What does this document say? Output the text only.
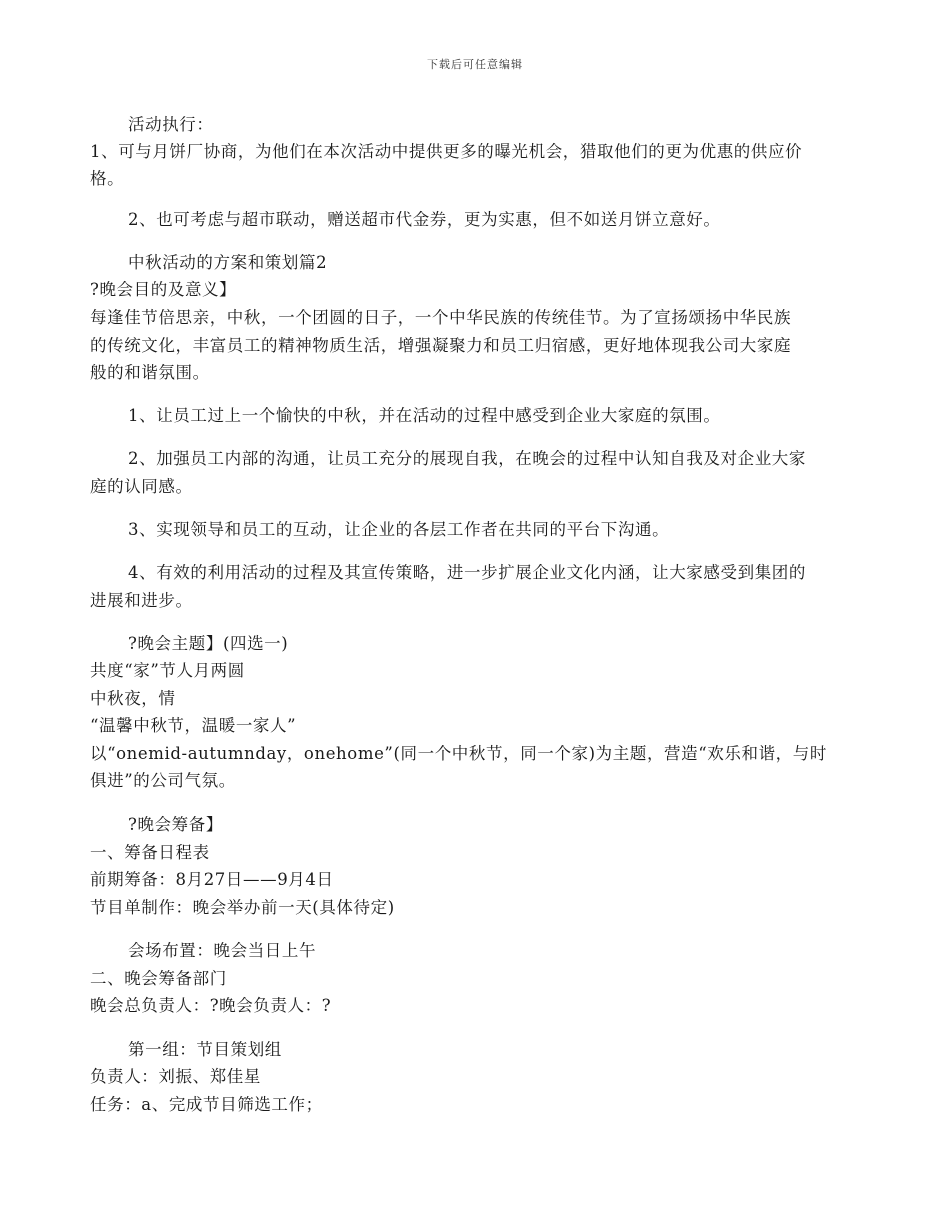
下载后可任意编辑
活动执行：
1、可与月饼厂协商，为他们在本次活动中提供更多的曝光机会，猎取他们的更为优惠的供应价
格。
2、也可考虑与超市联动，赠送超市代金券，更为实惠，但不如送月饼立意好。
中秋活动的方案和策划篇2
?晚会目的及意义】
每逢佳节倍思亲，中秋，一个团圆的日子，一个中华民族的传统佳节。为了宣扬颂扬中华民族
的传统文化，丰富员工的精神物质生活，增强凝聚力和员工归宿感，更好地体现我公司大家庭
般的和谐氛围。
1、让员工过上一个愉快的中秋，并在活动的过程中感受到企业大家庭的氛围。
2、加强员工内部的沟通，让员工充分的展现自我，在晚会的过程中认知自我及对企业大家
庭的认同感。
3、实现领导和员工的互动，让企业的各层工作者在共同的平台下沟通。
4、有效的利用活动的过程及其宣传策略，进一步扩展企业文化内涵，让大家感受到集团的
进展和进步。
?晚会主题】(四选一)
共度“家”节人月两圆
中秋夜，情
“温馨中秋节，温暖一家人”
以“onemid-autumnday，onehome”(同一个中秋节，同一个家)为主题，营造“欢乐和谐，与时
俱进”的公司气氛。
?晚会筹备】
一、筹备日程表
前期筹备：8月27日——9月4日
节目单制作：晚会举办前一天(具体待定)
会场布置：晚会当日上午
二、晚会筹备部门
晚会总负责人：?晚会负责人：?
第一组：节目策划组
负责人：刘振、郑佳星
任务：a、完成节目筛选工作；
